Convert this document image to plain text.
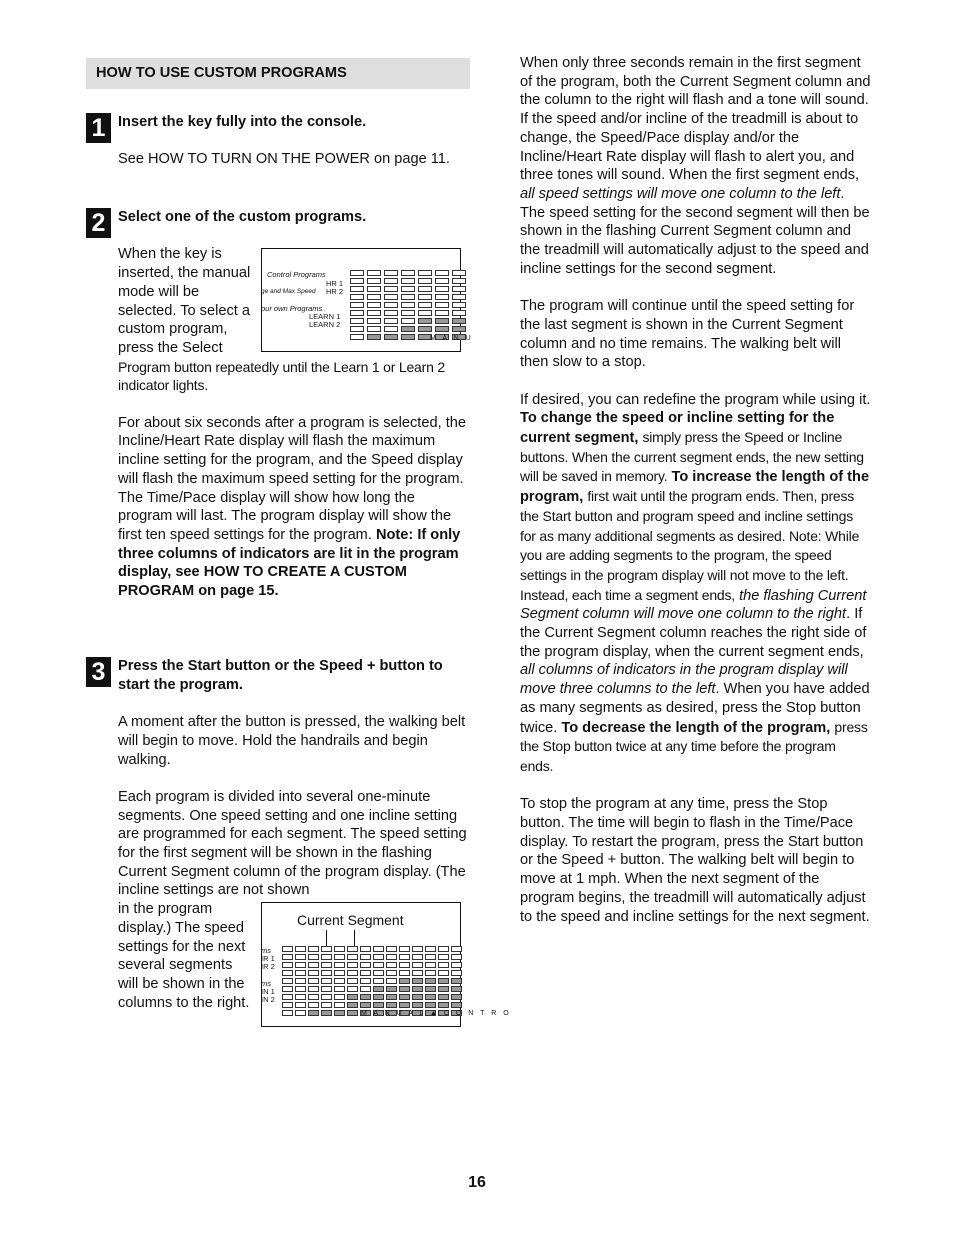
HOW TO USE CUSTOM PROGRAMS
1 Insert the key fully into the console.

See HOW TO TURN ON THE POWER on page 11.

2 Select one of the custom programs.

Control Programs
ge and Max Speed
HR 1
HR 2
our own Programs
LEARN 1
LEARN 2
M A N U

When the key is inserted, the manual mode will be selected. To select a custom program, press the Select

Program button repeatedly until the Learn 1 or Learn 2 indicator lights.

For about six seconds after a program is selected, the Incline/Heart Rate display will flash the maximum incline setting for the program, and the Speed display will flash the maximum speed setting for the program. The Time/Pace display will show how long the program will last. The program display will show the first ten speed settings for the program. Note: If only three columns of indicators are lit in the program display, see HOW TO CREATE A CUSTOM PROGRAM on page 15.

3 Press the Start button or the Speed + button to start the program.

A moment after the button is pressed, the walking belt will begin to move. Hold the handrails and begin walking.

Each program is divided into several one-minute segments. One speed setting and one incline setting are programmed for each segment. The speed setting for the first segment will be shown in the flashing Current Segment column of the program display. (The incline settings are not shown

Current Segment
ms
IR 1
IR 2
ms
IN 1
IN 2
M A N U A L ▲ C O N T R O

in the program display.) The speed settings for the next several segments will be shown in the columns to the right.

When only three seconds remain in the first segment of the program, both the Current Segment column and the column to the right will flash and a tone will sound. If the speed and/or incline of the treadmill is about to change, the Speed/Pace display and/or the Incline/Heart Rate display will flash to alert you, and three tones will sound. When the first segment ends, all speed settings will move one column to the left. The speed setting for the second segment will then be shown in the flashing Current Segment column and the treadmill will automatically adjust to the speed and incline settings for the second segment.

The program will continue until the speed setting for the last segment is shown in the Current Segment column and no time remains. The walking belt will then slow to a stop.

If desired, you can redefine the program while using it. To change the speed or incline setting for the current segment, simply press the Speed or Incline buttons. When the current segment ends, the new setting will be saved in memory. To increase the length of the program, first wait until the program ends. Then, press the Start button and program speed and incline settings for as many additional segments as desired. Note: While you are adding segments to the program, the speed settings in the program display will not move to the left. Instead, each time a segment ends, the flashing Current Segment column will move one column to the right. If the Current Segment column reaches the right side of the program display, when the current segment ends, all columns of indicators in the program display will move three columns to the left. When you have added as many segments as desired, press the Stop button twice. To decrease the length of the program, press the Stop button twice at any time before the program ends.

To stop the program at any time, press the Stop button. The time will begin to flash in the Time/Pace display. To restart the program, press the Start button or the Speed + button. The walking belt will begin to move at 1 mph. When the next segment of the program begins, the treadmill will automatically adjust to the speed and incline settings for the next segment.

16
